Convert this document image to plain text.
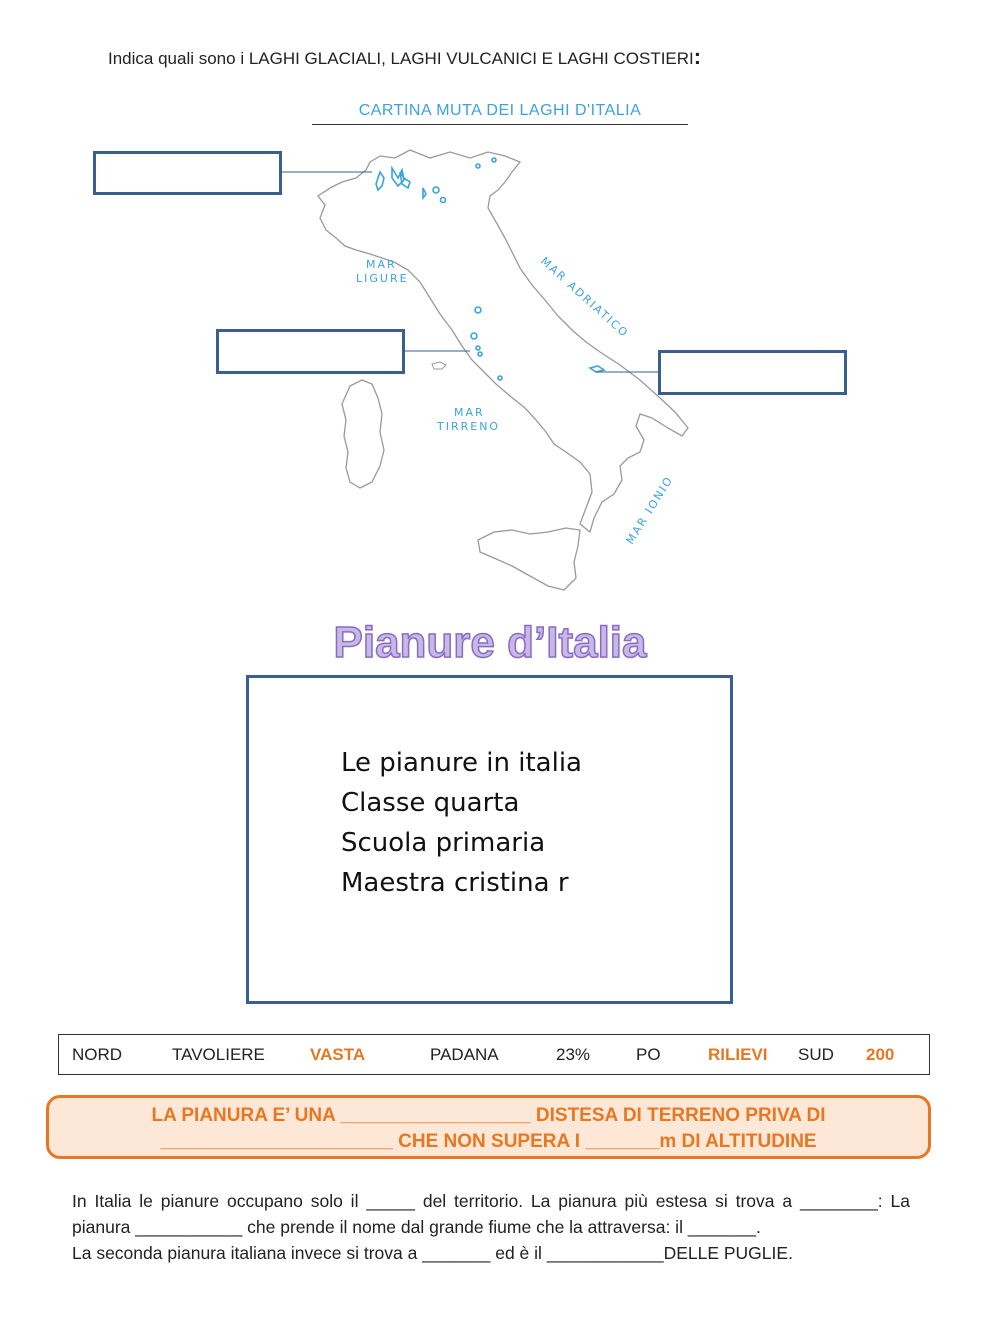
Indica quali sono i LAGHI GLACIALI, LAGHI VULCANICI E LAGHI COSTIERI:
CARTINA MUTA DEI LAGHI D'ITALIA
MAR
LIGURE
MAR
TIRRENO
MAR ADRIATICO
MAR IONIO
Pianure d’Italia
Le pianure in italia
Classe quarta
Scuola primaria
Maestra cristina r
NORD	TAVOLIERE	VASTA	PADANA	23%	PO	RILIEVI SUD 200
LA PIANURA E’ UNA __________________ DISTESA DI TERRENO PRIVA DI
______________________ CHE NON SUPERA I _______m DI ALTITUDINE

In Italia le pianure occupano solo il _____ del territorio. La pianura più estesa si trova a ________: La pianura ___________ che prende il nome dal grande fiume che la attraversa: il _______.

La seconda pianura italiana invece si trova a _______ ed è il ____________DELLE PUGLIE.
